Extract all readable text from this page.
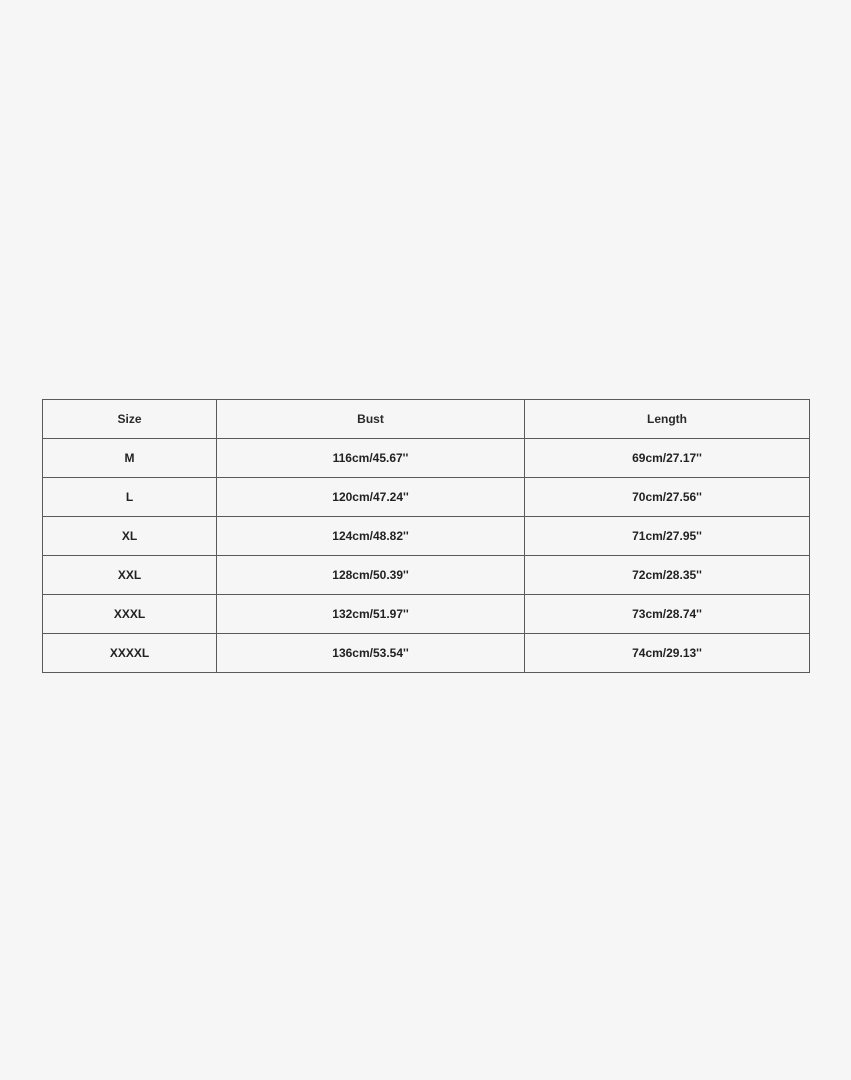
Size	Bust	Length
M	116cm/45.67''	69cm/27.17''
L	120cm/47.24''	70cm/27.56''
XL	124cm/48.82''	71cm/27.95''
XXL	128cm/50.39''	72cm/28.35''
XXXL	132cm/51.97''	73cm/28.74''
XXXXL	136cm/53.54''	74cm/29.13''
